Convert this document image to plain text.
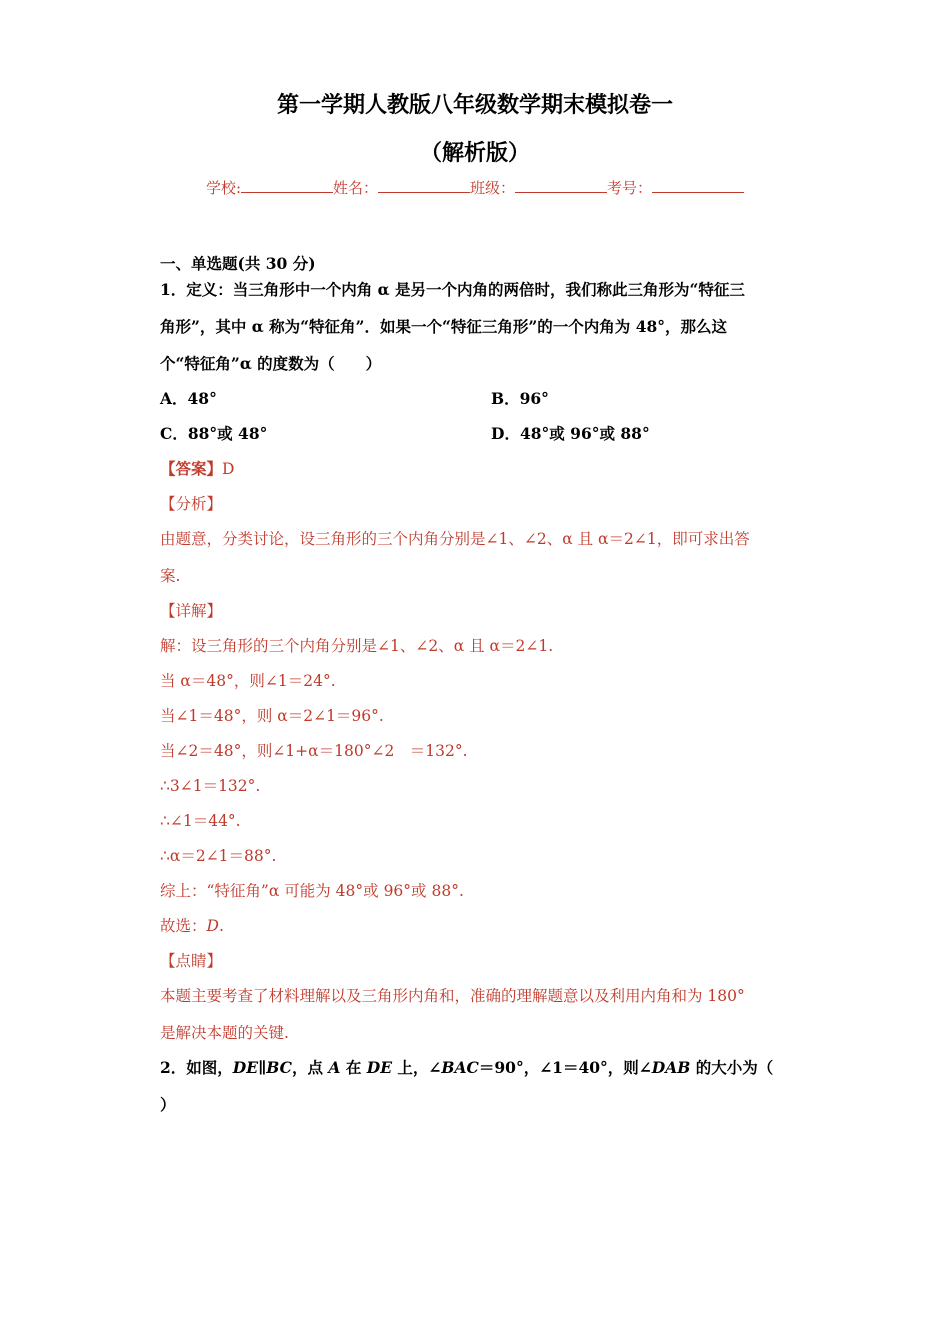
第一学期人教版八年级数学期末模拟卷一
（解析版）
学校:	姓名：	班级：	考号：
一、单选题(共 30 分)
1．定义：当三角形中一个内角 α 是另一个内角的两倍时，我们称此三角形为“特征三
角形”，其中 α 称为“特征角”．如果一个“特征三角形”的一个内角为 48°，那么这
个“特征角”α 的度数为（　　）
A．48°	B．96°
C．88°或 48°	D．48°或 96°或 88°
【答案】D
【分析】
由题意，分类讨论，设三角形的三个内角分别是∠1、∠2、α 且 α＝2∠1，即可求出答
案.
【详解】
解：设三角形的三个内角分别是∠1、∠2、α 且 α＝2∠1.
当 α＝48°，则∠1＝24°.
当∠1＝48°，则 α＝2∠1＝96°.
当∠2＝48°，则∠1+α＝180°∠2　＝132°.
∴3∠1＝132°.
∴∠1＝44°.
∴α＝2∠1＝88°.
综上：“特征角”α 可能为 48°或 96°或 88°.
故选：D.
【点睛】
本题主要考查了材料理解以及三角形内角和，准确的理解题意以及利用内角和为 180°
是解决本题的关键.
2．如图，DE∥BC，点 A 在 DE 上，∠BAC＝90°，∠1＝40°，则∠DAB 的大小为（
）
